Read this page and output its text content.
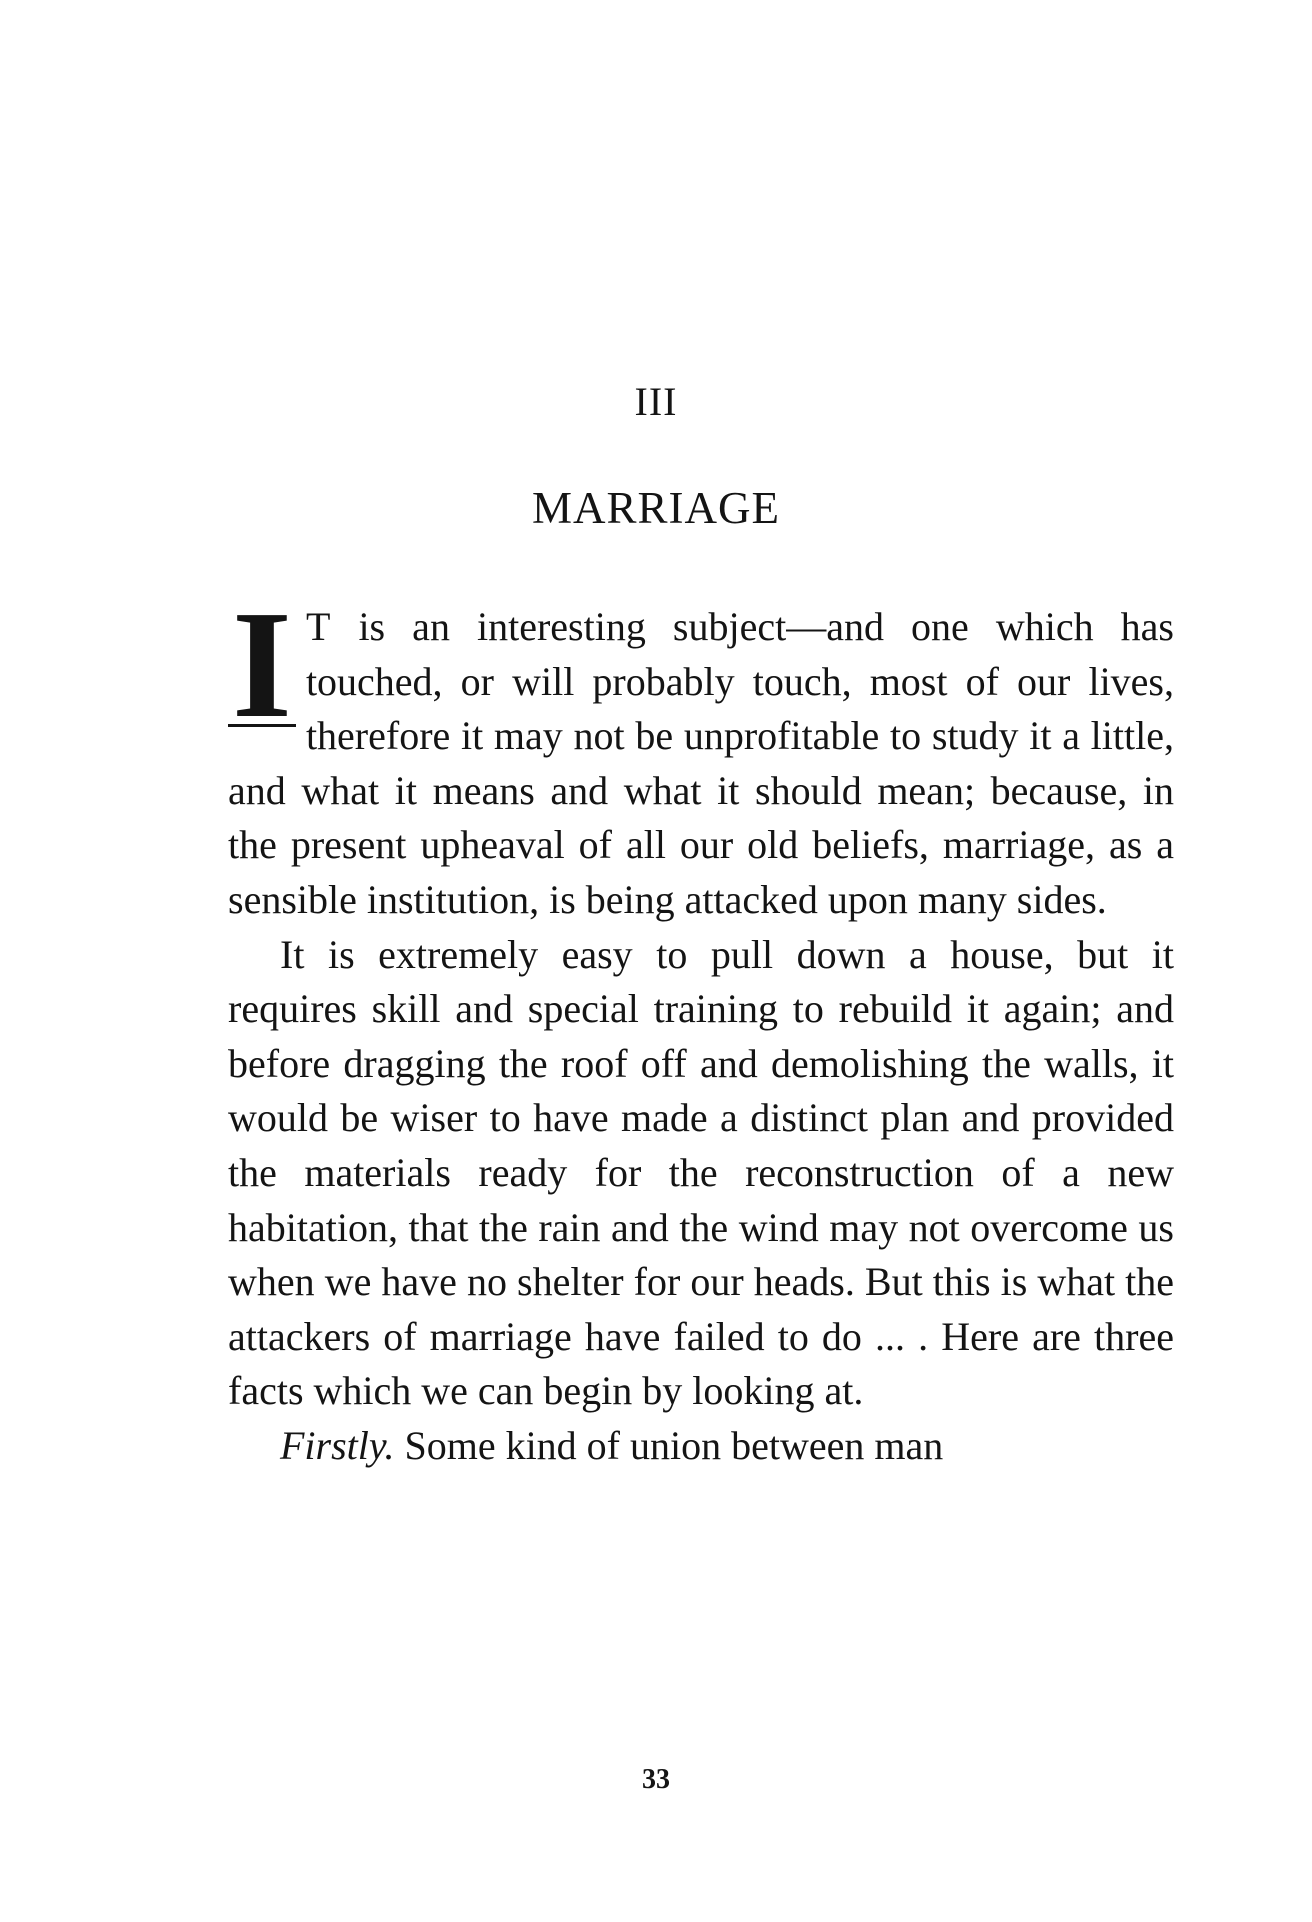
III
MARRIAGE

I T is an interesting subject—and one which has touched, or will probably touch, most of our lives, therefore it may not be unprofitable to study it a little, and what it means and what it should mean; because, in the present upheaval of all our old beliefs, marriage, as a sensible institution, is being attacked upon many sides.

It is extremely easy to pull down a house, but it requires skill and special training to rebuild it again; and before dragging the roof off and demolishing the walls, it would be wiser to have made a distinct plan and provided the materials ready for the reconstruction of a new habitation, that the rain and the wind may not overcome us when we have no shelter for our heads. But this is what the attackers of marriage have failed to do ... . Here are three facts which we can begin by looking at.

Firstly. Some kind of union between man

33
